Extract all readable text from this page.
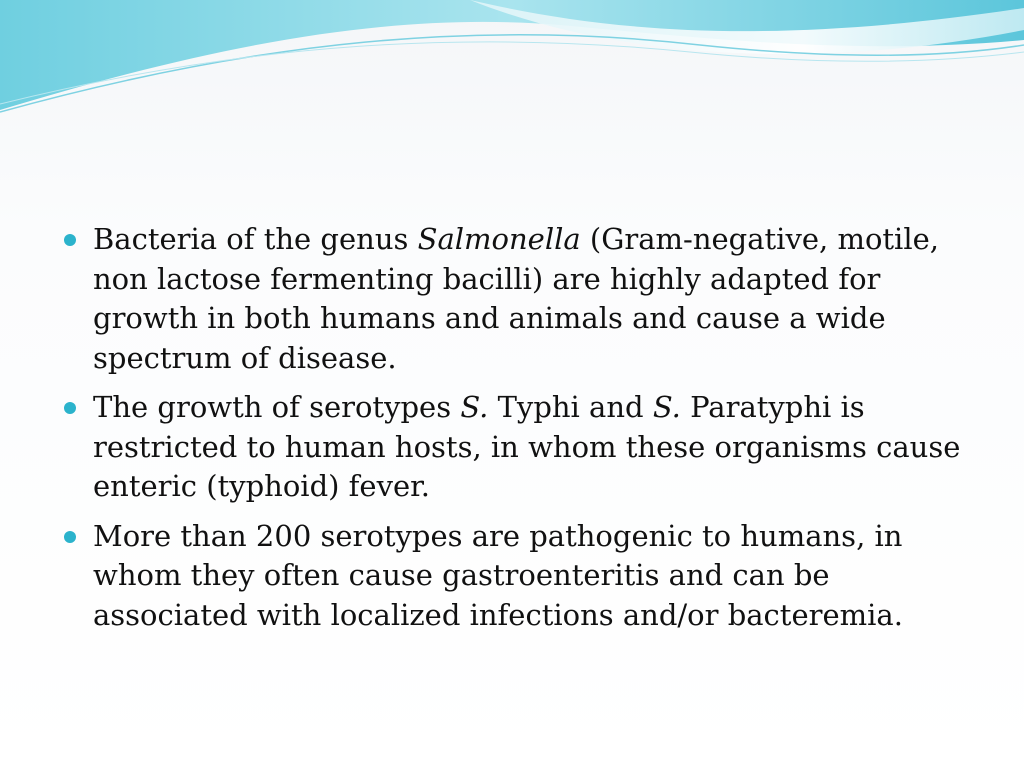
Bacteria of the genus Salmonella (Gram-negative, motile, non lactose fermenting bacilli) are highly adapted for growth in both humans and animals and cause a wide spectrum of disease.
The growth of serotypes S. Typhi and S. Paratyphi is restricted to human hosts, in whom these organisms cause enteric (typhoid) fever.
More than 200 serotypes are pathogenic to humans, in whom they often cause gastroenteritis and can be associated with localized infections and/or bacteremia.
